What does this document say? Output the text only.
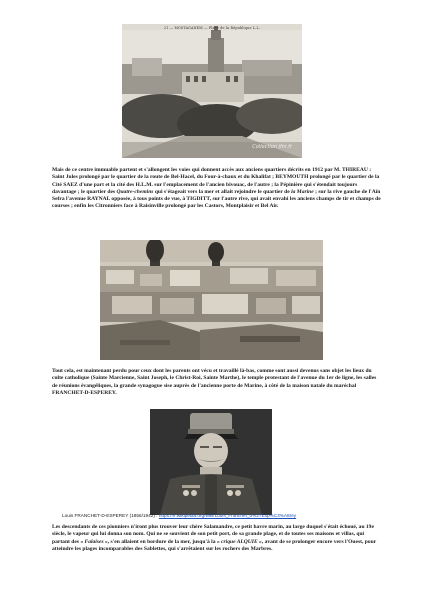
21 — MOSTAGANEM — Place de la République L.L.
Collection jfm.fr

Mais de ce centre immuable partent et s'allongent les voies qui donnent accès aux anciens quartiers décrits en 1912 par M. THIREAU : Saint Jules prolongé par le quartier de la route de Bel-Hacel, du Four-à-chaux et du Khalifat ; BEYMOUTH prolongé par le quartier de la Cité SAEZ d'une part et la cité des H.L.M. sur l'emplacement de l'ancien bivouac, de l'autre ; la Pépinière qui s'étendait toujours davantage ; le quartier des Quatre-chemins qui s'étageait vers la mer et allait rejoindre le quartier de la Marine ; sur la rive gauche de l'Aïn Sefra l'avenue RAYNAL opposée, à tous points de vue, à TIGDITT, sur l'autre rive, qui avait envahi les anciens champs de tir et champs de courses ; enfin les Citronniers face à Raisinville prolongé par les Castors, Montplaisir et Bel Air.

Tout cela, est maintenant perdu pour ceux dont les parents ont vécu et travaillé là-bas, comme sont aussi devenus sans objet les lieux du culte catholique (Sainte Marcienne, Saint Joseph, le Christ-Roi, Sainte Marthe), le temple protestant de l'avenue du 1er de ligne, les salles de réunions évangéliques, la grande synagogue sise auprès de l'ancienne porte de Marine, à côté de la maison natale du maréchal FRANCHET-D-ESPEREY.

Louis FRANCHET-D-ESPEREY (1856/1942) : https://fr.wikipedia.org/wiki/Louis_Franchet_d%27Esp%C3%A8rey

Les descendants de ces pionniers n'iront plus trouver leur chère Salamandre, ce petit havre marin, au large duquel s'était échoué, au 19e siècle, le vapeur qui lui donna son nom. Qui ne se souvient de son petit port, de sa grande plage, et de toutes ses maisons et villas, qui partant des « Falaises », s'en allaient en bordure de la mer, jusqu'à la « crique ALQUIE », avant de se prolonger encore vers l'Ouest, pour atteindre les plages incomparables des Sablettes, qui s'arrêtaient sur les rochers des Marbres.
